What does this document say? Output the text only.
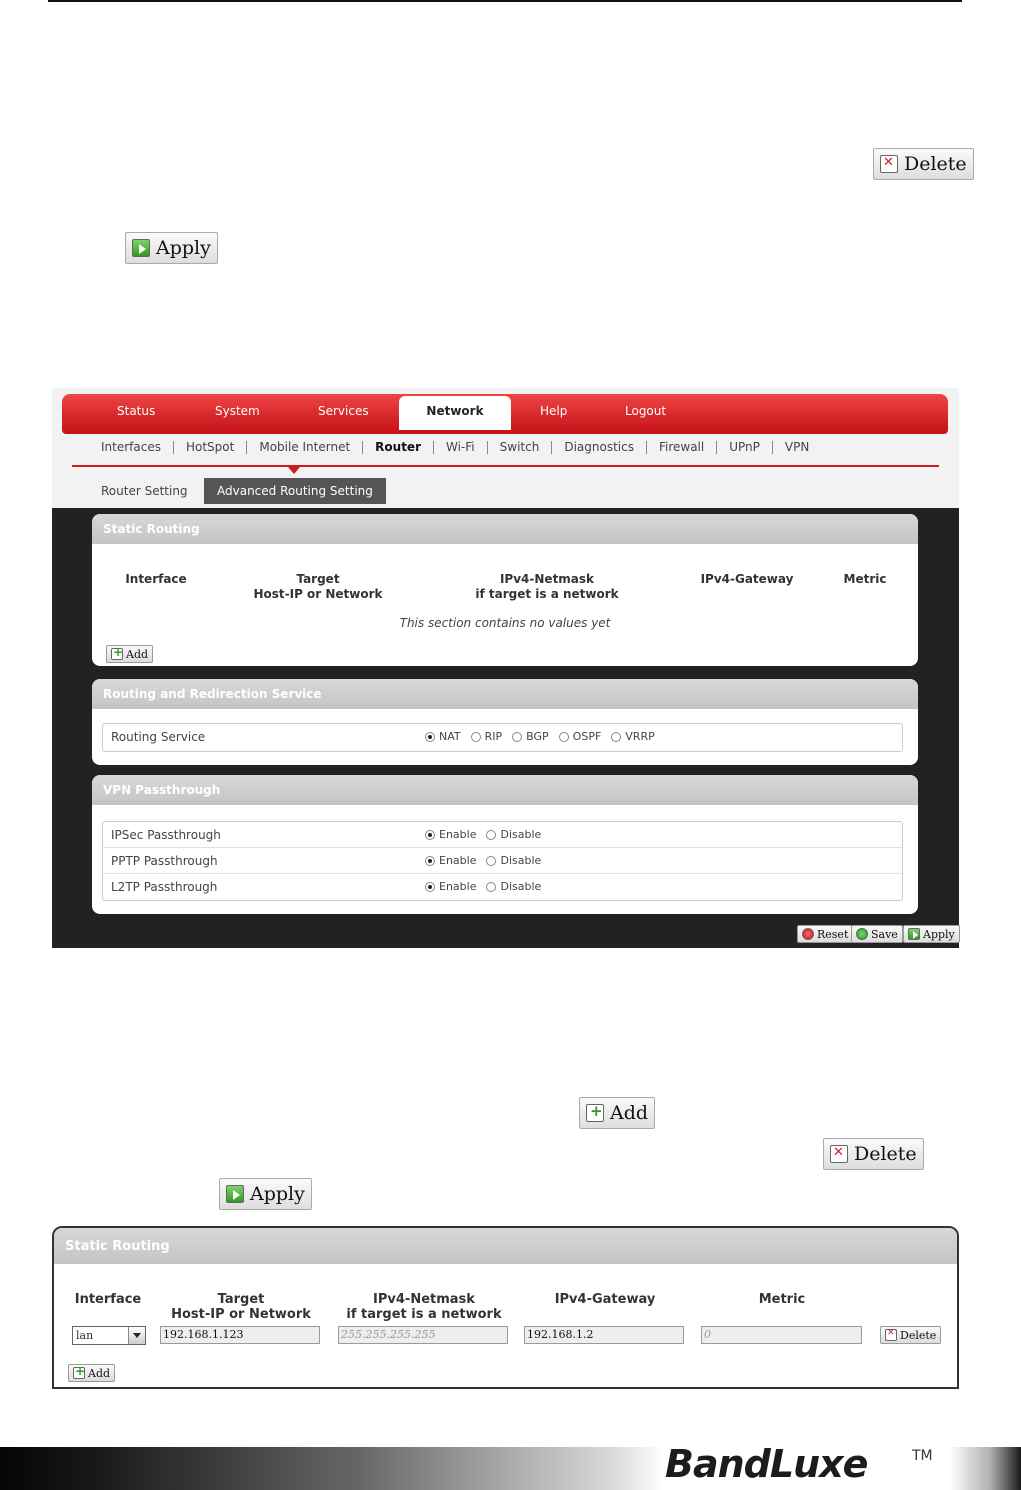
✕
Delete
Apply
Status	System	Services	Network	Help	Logout
Interfaces	HotSpot	Mobile Internet	Router	Wi-Fi	Switch	Diagnostics	Firewall	UPnP	VPN
Router Setting	Advanced Routing Setting
Static Routing
Interface	Target
Host-IP or Network
IPv4-Netmask
if target is a network
IPv4-Gateway	Metric
This section contains no values yet
+
Add
Routing and Redirection Service
Routing Service	NAT RIP BGP OSPF VRRP
VPN Passthrough
IPSec Passthrough	Enable Disable
PPTP Passthrough	Enable Disable
L2TP Passthrough	Enable Disable
Reset Save Apply
+
Add
✕
Delete
Apply
Static Routing
Interface	Target
Host-IP or Network
IPv4-Netmask
if target is a network
IPv4-Gateway	Metric
lan	192.168.1.123	255.255.255.255	192.168.1.2	0
✕	Delete
+
Add
BandLuxe	TM
